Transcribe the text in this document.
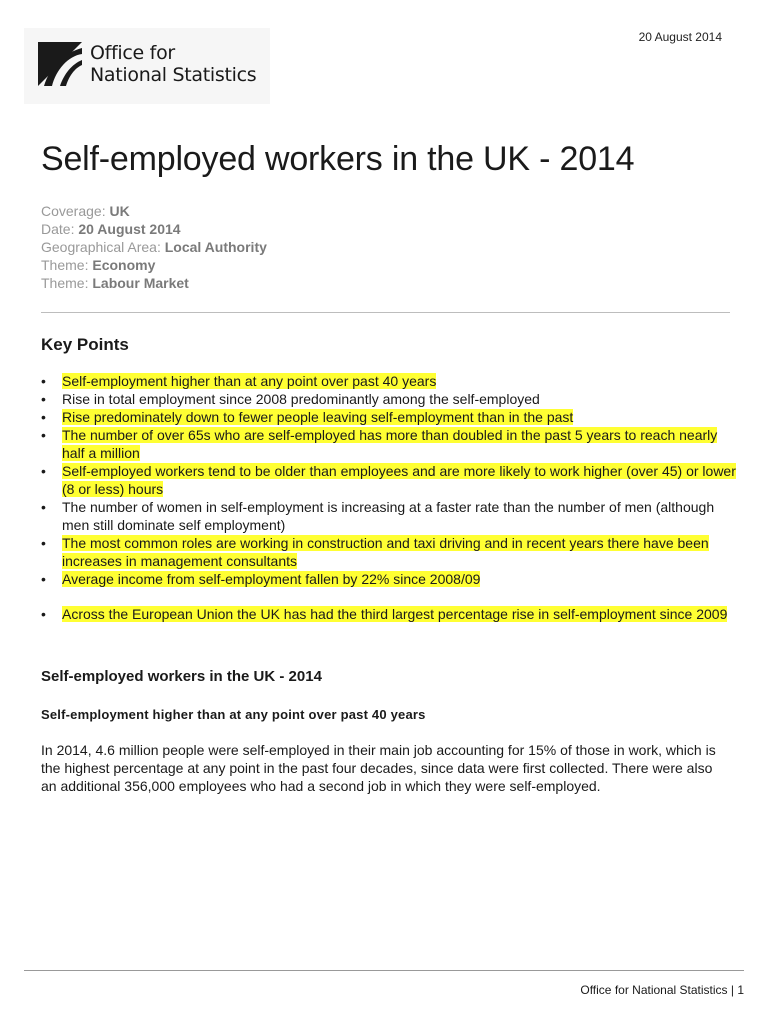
Office for
National Statistics
20 August 2014
Self-employed workers in the UK - 2014
Coverage: UK
Date: 20 August 2014
Geographical Area: Local Authority
Theme: Economy
Theme: Labour Market
Key Points
• Self-employment higher than at any point over past 40 years
• Rise in total employment since 2008 predominantly among the self-employed
• Rise predominately down to fewer people leaving self-employment than in the past
• The number of over 65s who are self-employed has more than doubled in the past 5 years to reach nearly half a million
• Self-employed workers tend to be older than employees and are more likely to work higher (over 45) or lower (8 or less) hours
• The number of women in self-employment is increasing at a faster rate than the number of men (although men still dominate self employment)
• The most common roles are working in construction and taxi driving and in recent years there have been increases in management consultants
• Average income from self-employment fallen by 22% since 2008/09
• Across the European Union the UK has had the third largest percentage rise in self-employment since 2009
Self-employed workers in the UK - 2014
Self-employment higher than at any point over past 40 years

In 2014, 4.6 million people were self-employed in their main job accounting for 15% of those in work, which is the highest percentage at any point in the past four decades, since data were first collected. There were also an additional 356,000 employees who had a second job in which they were self-employed.

Office for National Statistics | 1
